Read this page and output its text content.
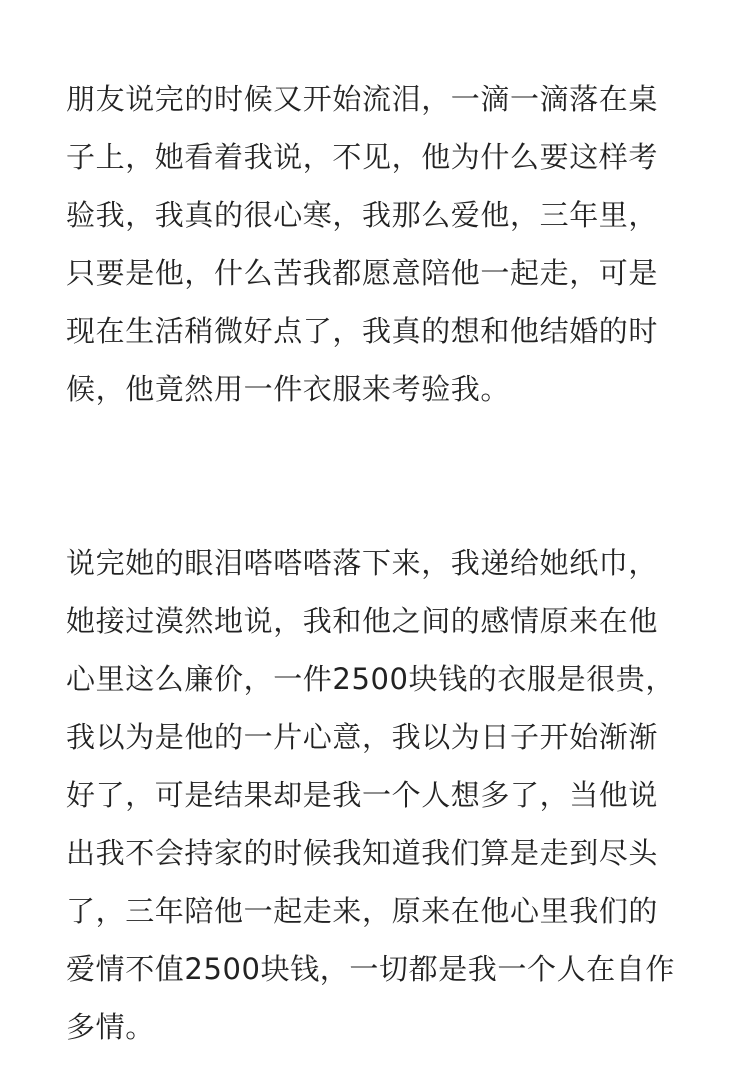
朋友说完的时候又开始流泪，一滴一滴落在桌
子上，她看着我说，不见，他为什么要这样考
验我，我真的很心寒，我那么爱他，三年里，
只要是他，什么苦我都愿意陪他一起走，可是
现在生活稍微好点了，我真的想和他结婚的时
候，他竟然用一件衣服来考验我。
说完她的眼泪嗒嗒嗒落下来，我递给她纸巾，
她接过漠然地说，我和他之间的感情原来在他
心里这么廉价，一件2500块钱的衣服是很贵，
我以为是他的一片心意，我以为日子开始渐渐
好了，可是结果却是我一个人想多了，当他说
出我不会持家的时候我知道我们算是走到尽头
了，三年陪他一起走来，原来在他心里我们的
爱情不值2500块钱，一切都是我一个人在自作
多情。
